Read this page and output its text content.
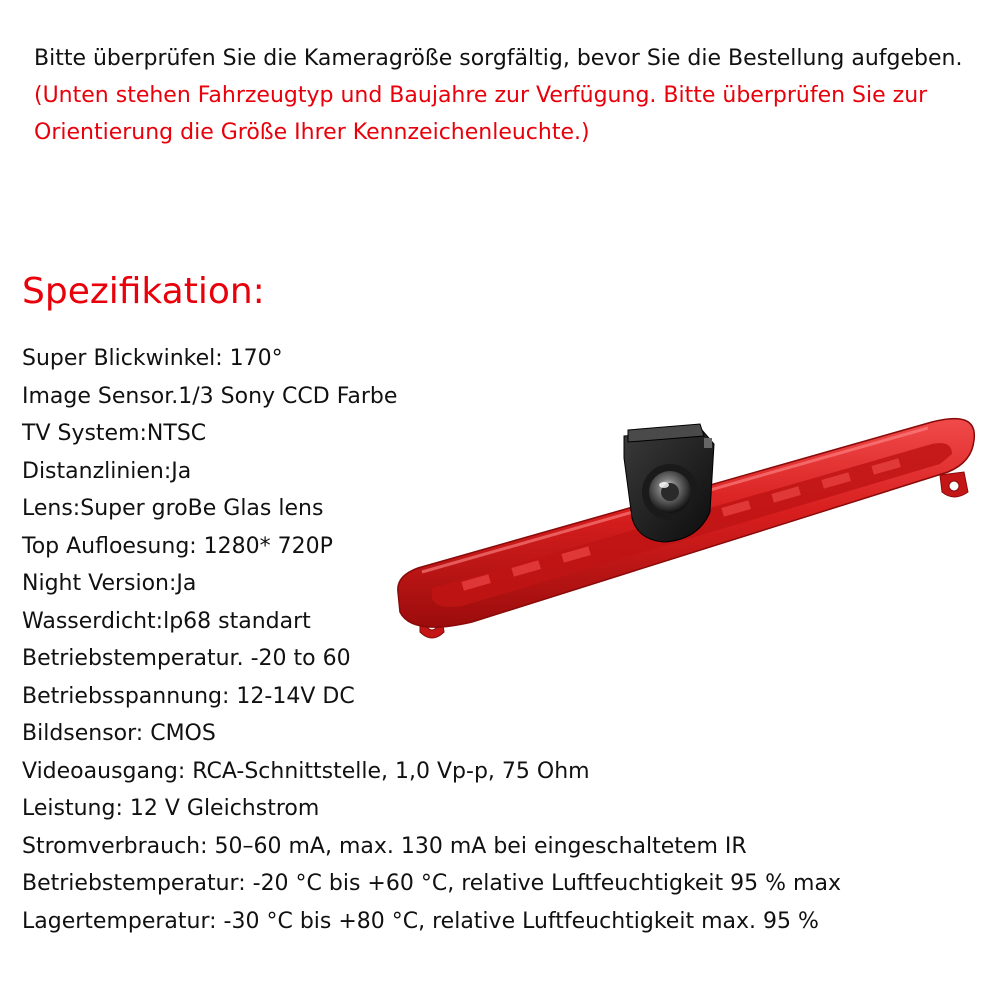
Bitte überprüfen Sie die Kameragröße sorgfältig, bevor Sie die Bestellung aufgeben.
(Unten stehen Fahrzeugtyp und Baujahre zur Verfügung. Bitte überprüfen Sie zur Orientierung die Größe Ihrer Kennzeichenleuchte.)
Spezifikation:
Super Blickwinkel: 170°
Image Sensor.1/3 Sony CCD Farbe
TV System:NTSC
Distanzlinien:Ja
Lens:Super groBe Glas lens
Top Aufloesung: 1280* 720P
Night Version:Ja
Wasserdicht:lp68 standart
Betriebstemperatur. -20 to 60
Betriebsspannung: 12-14V DC
Bildsensor: CMOS
Videoausgang: RCA-Schnittstelle, 1,0 Vp-p, 75 Ohm
Leistung: 12 V Gleichstrom
Stromverbrauch: 50–60 mA, max. 130 mA bei eingeschaltetem IR
Betriebstemperatur: -20 °C bis +60 °C, relative Luftfeuchtigkeit 95 % max
Lagertemperatur: -30 °C bis +80 °C, relative Luftfeuchtigkeit max. 95 %
